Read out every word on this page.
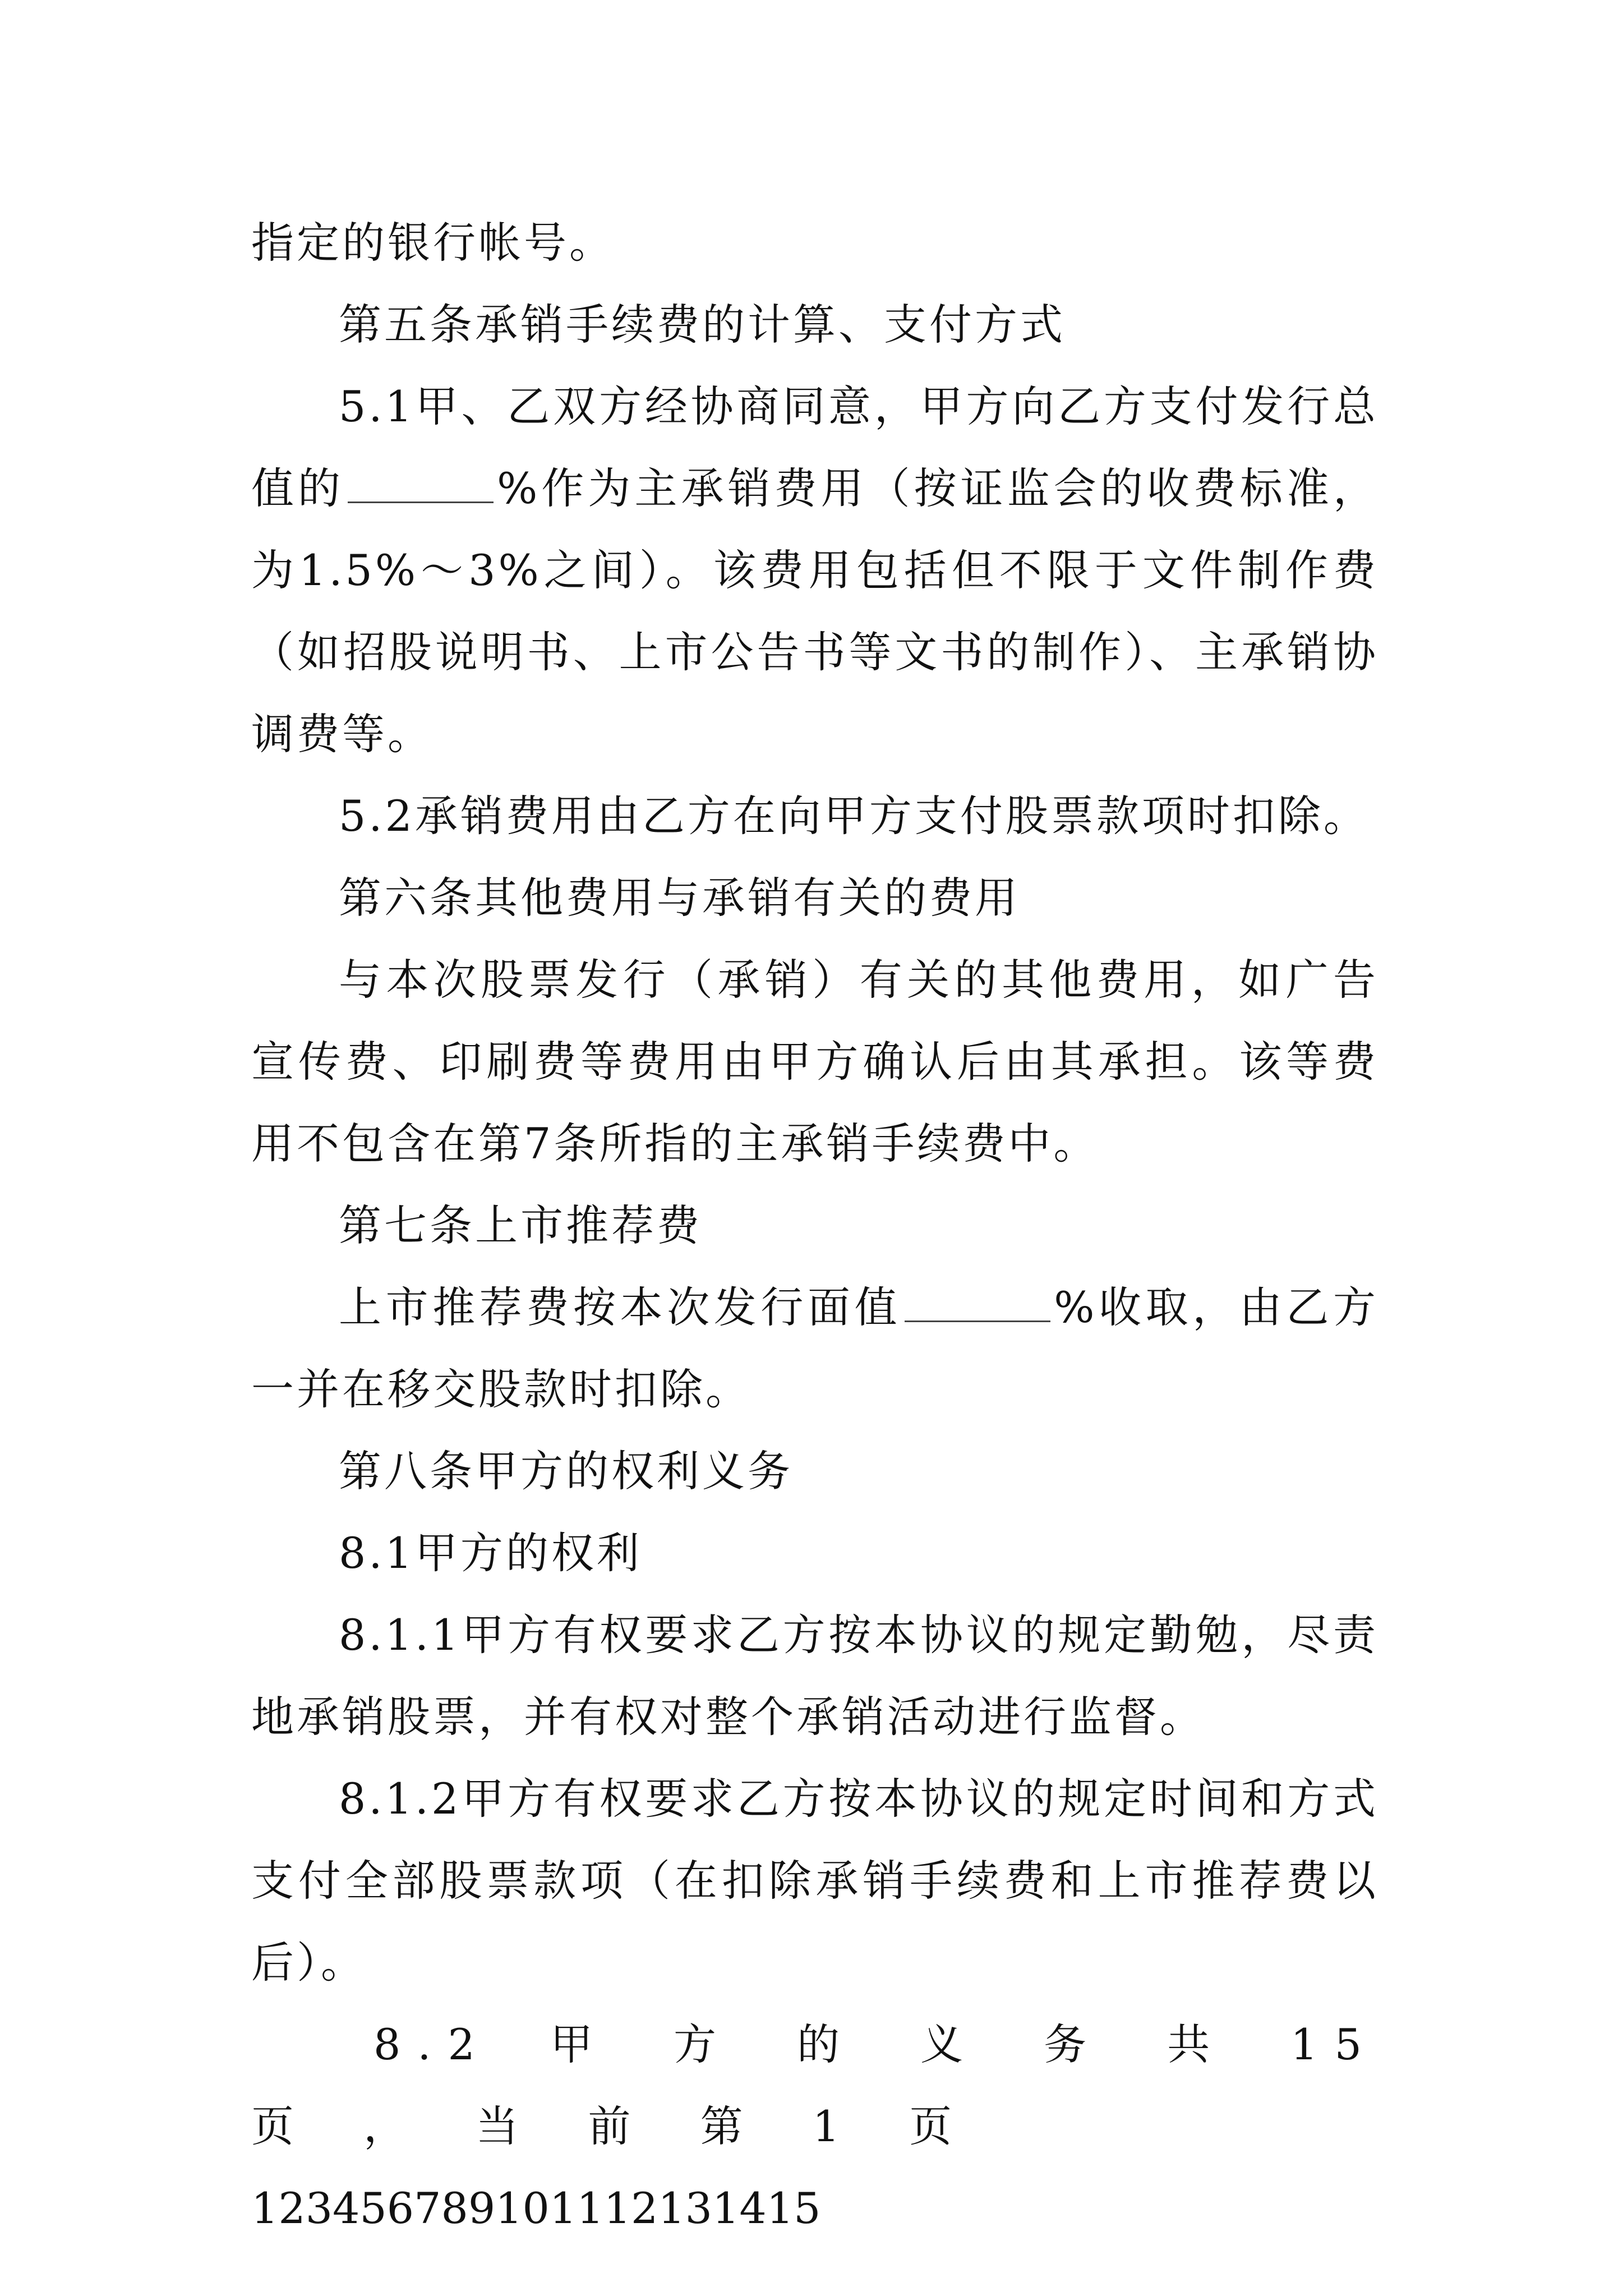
指定的银行帐号。

第五条承销手续费的计算、支付方式

5.1甲、乙双方经协商同意，甲方向乙方支付发行总值的	%作为主承销费用（按证监会的收费标准，为1.5%～3%之间）。该费用包括但不限于文件制作费（如招股说明书、上市公告书等文书的制作）、主承销协调费等。

5.2承销费用由乙方在向甲方支付股票款项时扣除。

第六条其他费用与承销有关的费用

与本次股票发行（承销）有关的其他费用，如广告宣传费、印刷费等费用由甲方确认后由其承担。该等费用不包含在第7条所指的主承销手续费中。

第七条上市推荐费

上市推荐费按本次发行面值	%收取，由乙方一并在移交股款时扣除。

第八条甲方的权利义务

8.1甲方的权利

8.1.1甲方有权要求乙方按本协议的规定勤勉，尽责地承销股票，并有权对整个承销活动进行监督。

8.1.2甲方有权要求乙方按本协议的规定时间和方式支付全部股票款项（在扣除承销手续费和上市推荐费以后）。

8.2 甲 方 的 义 务 共 15 页 ， 当 前 第 1 页

123456789101112131415
